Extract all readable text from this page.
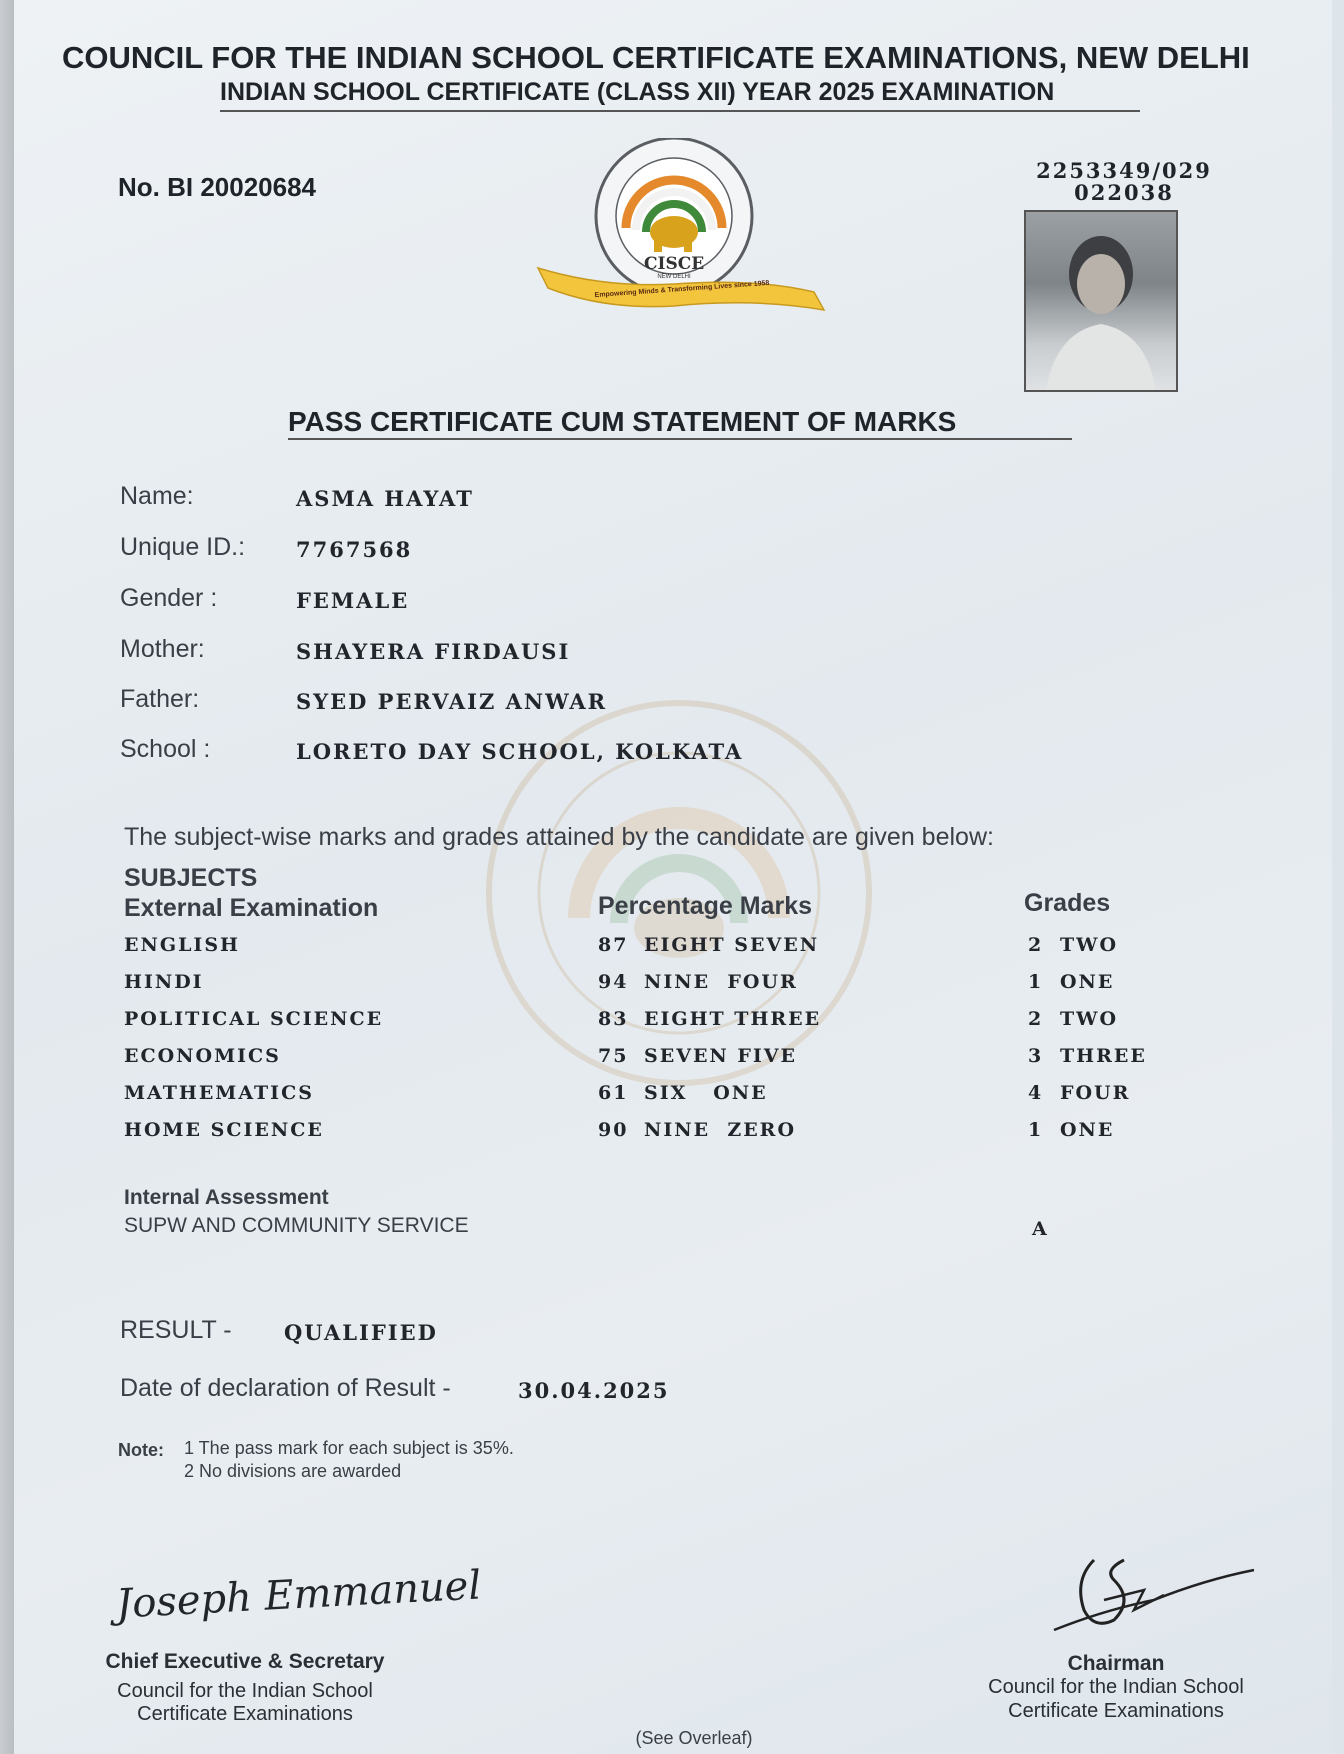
COUNCIL FOR THE INDIAN SCHOOL CERTIFICATE EXAMINATIONS, NEW DELHI
INDIAN SCHOOL CERTIFICATE (CLASS XII) YEAR 2025 EXAMINATION
No. BI 20020684
2253349/029
022038
CISCE
NEW DELHI
Empowering Minds & Transforming Lives since 1958
PASS CERTIFICATE CUM STATEMENT OF MARKS
Name:	ASMA HAYAT
Unique ID.: 7767568
Gender :	FEMALE
Mother:	SHAYERA FIRDAUSI
Father:	SYED PERVAIZ ANWAR
School :	LORETO DAY SCHOOL, KOLKATA
The subject-wise marks and grades attained by the candidate are given below:
SUBJECTS
External Examination	Percentage Marks	Grades
ENGLISH	87 EIGHT SEVEN	2 TWO
HINDI	94 NINE  FOUR	1 ONE
POLITICAL SCIENCE	83 EIGHT THREE	2 TWO
ECONOMICS	75 SEVEN FIVE	3 THREE
MATHEMATICS	61 SIX   ONE	4 FOUR
HOME SCIENCE	90 NINE  ZERO	1 ONE
Internal Assessment
SUPW AND COMMUNITY SERVICE	A
RESULT - QUALIFIED
Date of declaration of Result -	30.04.2025
Note: 1 The pass mark for each subject is 35%.
2 No divisions are awarded
Joseph Emmanuel
Chief Executive & Secretary
Council for the Indian School
Certificate Examinations
Chairman
Council for the Indian School
Certificate Examinations
(See Overleaf)
